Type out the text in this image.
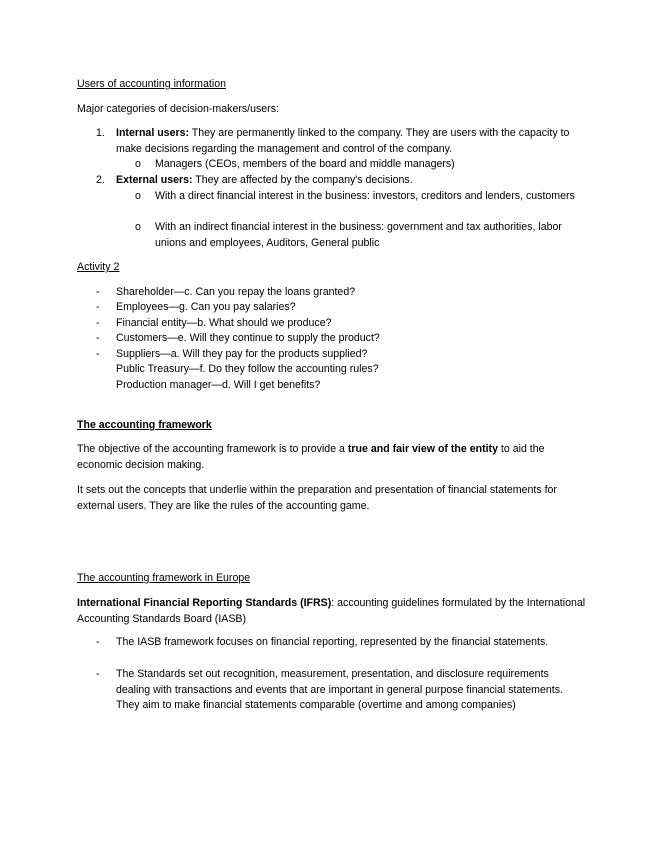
Users of accounting information
Major categories of decision-makers/users:
1. Internal users: They are permanently linked to the company. They are users with the capacity to make decisions regarding the management and control of the company.
o Managers (CEOs, members of the board and middle managers)
2. External users: They are affected by the company's decisions.
o With a direct financial interest in the business: investors, creditors and lenders, customers
o With an indirect financial interest in the business: government and tax authorities, labor unions and employees, Auditors, General public
Activity 2
- Shareholder—c. Can you repay the loans granted?
- Employees—g. Can you pay salaries?
- Financial entity—b. What should we produce?
- Customers—e. Will they continue to supply the product?
- Suppliers—a. Will they pay for the products supplied?
Public Treasury—f. Do they follow the accounting rules?
Production manager—d. Will I get benefits?
The accounting framework
The objective of the accounting framework is to provide a true and fair view of the entity to aid the economic decision making.
It sets out the concepts that underlie within the preparation and presentation of financial statements for external users. They are like the rules of the accounting game.
The accounting framework in Europe
International Financial Reporting Standards (IFRS): accounting guidelines formulated by the International Accounting Standards Board (IASB)
- The IASB framework focuses on financial reporting, represented by the financial statements.
- The Standards set out recognition, measurement, presentation, and disclosure requirements dealing with transactions and events that are important in general purpose financial statements. They aim to make financial statements comparable (overtime and among companies)
